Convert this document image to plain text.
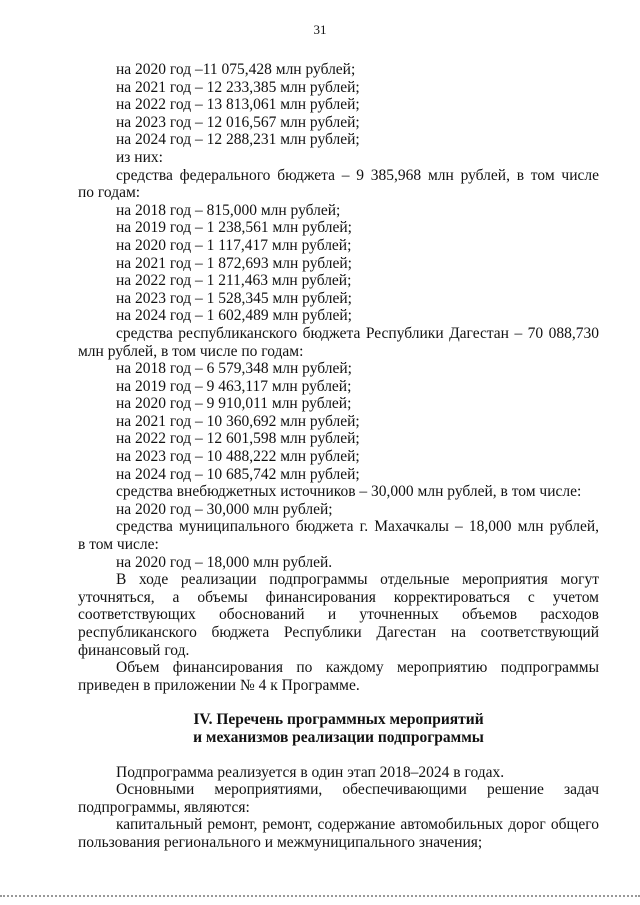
31
на 2020 год –11 075,428 млн рублей;
на 2021 год – 12 233,385 млн рублей;
на 2022 год – 13 813,061 млн рублей;
на 2023 год – 12 016,567 млн рублей;
на 2024 год – 12 288,231 млн рублей;
из них:
средства федерального бюджета – 9 385,968 млн рублей, в том числе
по годам:
на 2018 год – 815,000 млн рублей;
на 2019 год – 1 238,561 млн рублей;
на 2020 год – 1 117,417 млн рублей;
на 2021 год – 1 872,693 млн рублей;
на 2022 год – 1 211,463 млн рублей;
на 2023 год – 1 528,345 млн рублей;
на 2024 год – 1 602,489 млн рублей;
средства республиканского бюджета Республики Дагестан – 70 088,730
млн рублей, в том числе по годам:
на 2018 год – 6 579,348 млн рублей;
на 2019 год – 9 463,117 млн рублей;
на 2020 год – 9 910,011 млн рублей;
на 2021 год – 10 360,692 млн рублей;
на 2022 год – 12 601,598 млн рублей;
на 2023 год – 10 488,222 млн рублей;
на 2024 год – 10 685,742 млн рублей;
средства внебюджетных источников – 30,000 млн рублей, в том числе:
на 2020 год – 30,000 млн рублей;
средства муниципального бюджета г. Махачкалы – 18,000 млн рублей,
в том числе:
на 2020 год – 18,000 млн рублей.
В ходе реализации подпрограммы отдельные мероприятия могут уточняться, а объемы финансирования корректироваться с учетом соответствующих обоснований и уточненных объемов расходов республиканского бюджета Республики Дагестан на соответствующий финансовый год.
Объем финансирования по каждому мероприятию подпрограммы приведен в приложении № 4 к Программе.
IV. Перечень программных мероприятий
и механизмов реализации подпрограммы
Подпрограмма реализуется в один этап 2018–2024 в годах.
Основными мероприятиями, обеспечивающими решение задач подпрограммы, являются:
капитальный ремонт, ремонт, содержание автомобильных дорог общего пользования регионального и межмуниципального значения;
